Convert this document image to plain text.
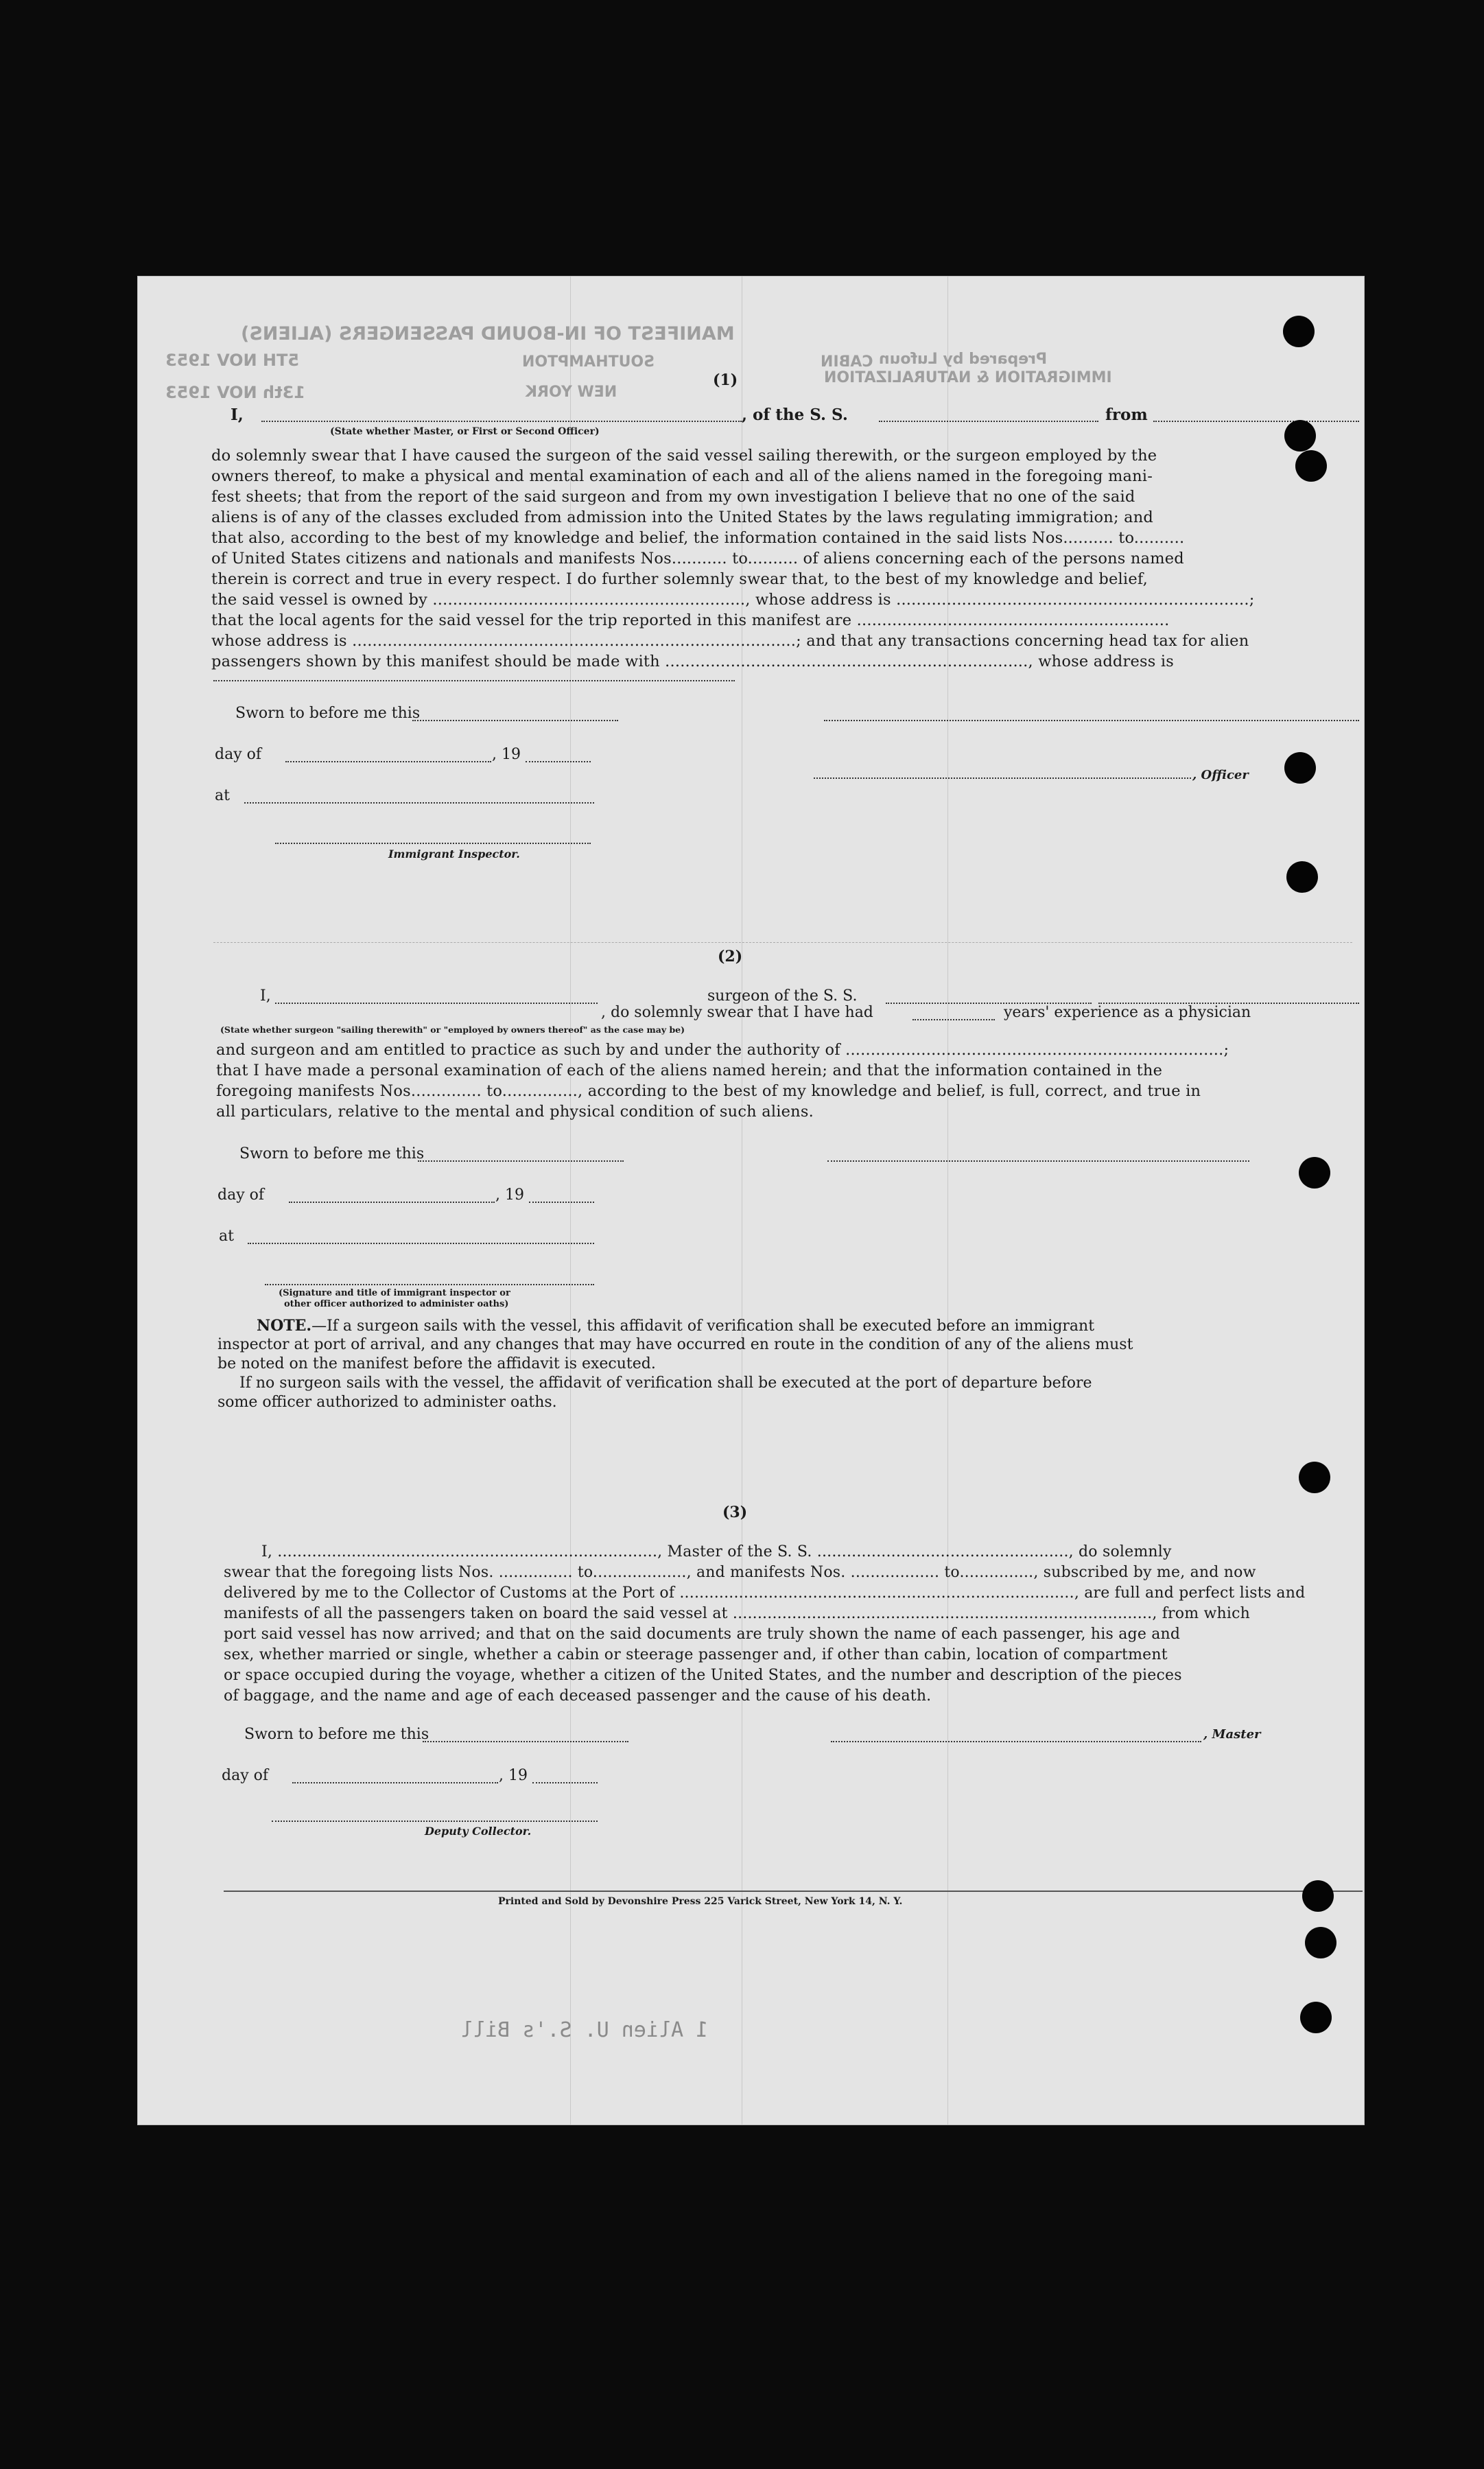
MANIFEST OF IN-BOUND PASSENGERS (ALIENS)
CABIN
SOUTHAMPTON
5TH NOV 1953
NEW YORK
13th NOV 1953
IMMIGRATION & NATURALIZATION
Prepared by Lufoun
(1)
I,	, of the S. S.	from
(State whether Master, or First or Second Officer)
do solemnly swear that I have caused the surgeon of the said vessel sailing therewith, or the surgeon employed by the
owners thereof, to make a physical and mental examination of each and all of the aliens named in the foregoing mani-
fest sheets; that from the report of the said surgeon and from my own investigation I believe that no one of the said
aliens is of any of the classes excluded from admission into the United States by the laws regulating immigration; and
that also, according to the best of my knowledge and belief, the information contained in the said lists Nos.......... to..........
of United States citizens and nationals and manifests Nos........... to.......... of aliens concerning each of the persons named
therein is correct and true in every respect. I do further solemnly swear that, to the best of my knowledge and belief,
the said vessel is owned by .............................................................., whose address is ......................................................................;
that the local agents for the said vessel for the trip reported in this manifest are ..............................................................
whose address is ........................................................................................; and that any transactions concerning head tax for alien
passengers shown by this manifest should be made with ........................................................................, whose address is
Sworn to before me this
day of	, 19
at
, Officer
Immigrant Inspector.
(2)
I,
, do solemnly swear that I have had
surgeon of the S. S.
years' experience as a physician
(State whether surgeon "sailing therewith" or "employed by owners thereof" as the case may be)
and surgeon and am entitled to practice as such by and under the authority of ...........................................................................;
that I have made a personal examination of each of the aliens named herein; and that the information contained in the
foregoing manifests Nos.............. to..............., according to the best of my knowledge and belief, is full, correct, and true in
all particulars, relative to the mental and physical condition of such aliens.
Sworn to before me this
day of	, 19
at
(Signature and title of immigrant inspector or
other officer authorized to administer oaths)
NOTE.—If a surgeon sails with the vessel, this affidavit of verification shall be executed before an immigrant
inspector at port of arrival, and any changes that may have occurred en route in the condition of any of the aliens must
be noted on the manifest before the affidavit is executed.
If no surgeon sails with the vessel, the affidavit of verification shall be executed at the port of departure before
some officer authorized to administer oaths.
(3)
I, ............................................................................., Master of the S. S. ..................................................., do solemnly
swear that the foregoing lists Nos. ............... to..................., and manifests Nos. .................. to..............., subscribed by me, and now
delivered by me to the Collector of Customs at the Port of ................................................................................, are full and perfect lists and
manifests of all the passengers taken on board the said vessel at ....................................................................................., from which
port said vessel has now arrived; and that on the said documents are truly shown the name of each passenger, his age and
sex, whether married or single, whether a cabin or steerage passenger and, if other than cabin, location of compartment
or space occupied during the voyage, whether a citizen of the United States, and the number and description of the pieces
of baggage, and the name and age of each deceased passenger and the cause of his death.
Sworn to before me this	, Master
day of	, 19
Deputy Collector.
Printed and Sold by Devonshire Press 225 Varick Street, New York 14, N. Y.
1 Alien U. S.'s Bill
